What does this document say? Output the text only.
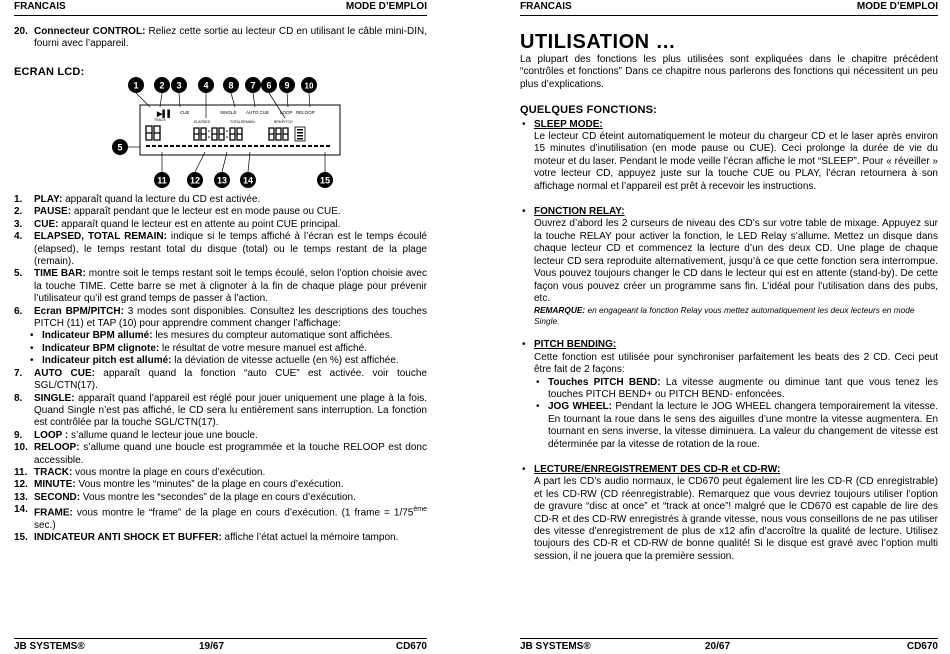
FRANCAIS	MODE D’EMPLOI
20. Connecteur CONTROL: Reliez cette sortie au lecteur CD en utilisant le câble mini-DIN, fourni avec l’appareil.
ECRAN LCD:
1 2 3 4 8 7 6 9 10
5
11	12 13 14	15
▶▌▌ CUE	SINGLE AUTO CUE LOOP RELOOP
TRACK	ELAPSED	TOTAL REMAIN	BPM PITCH
1. PLAY: apparaît quand la lecture du CD est activée.
2. PAUSE: apparaît pendant que le lecteur est en mode pause ou CUE.
3. CUE: apparaît quand le lecteur est en attente au point CUE principal.
4. ELAPSED, TOTAL REMAIN: indique si le temps affiché à l’écran est le temps écoulé (elapsed), le temps restant total du disque (total) ou le temps restant de la plage (remain).
5. TIME BAR: montre soit le temps restant soit le temps écoulé, selon l’option choisie avec la touche TIME. Cette barre se met à clignoter à la fin de chaque plage pour prévenir l’utilisateur qu’il est grand temps de passer à l’action.
6. Ecran BPM/PITCH: 3 modes sont disponibles. Consultez les descriptions des touches PITCH (11) et TAP (10) pour apprendre comment changer l’affichage:
• Indicateur BPM allumé: les mesures du compteur automatique sont affichées.
• Indicateur BPM clignote: le résultat de votre mesure manuel est affiché.
• Indicateur pitch est allumé: la déviation de vitesse actuelle (en %) est affichée.
7. AUTO CUE: apparaît quand la fonction “auto CUE” est activée. voir touche SGL/CTN(17).
8. SINGLE: apparaît quand l’appareil est réglé pour jouer uniquement une plage à la fois. Quand Single n’est pas affiché, le CD sera lu entièrement sans interruption. La fonction est contrôlée par la touche SGL/CTN(17).
9. LOOP : s’allume quand le lecteur joue une boucle.
10. RELOOP: s’allume quand une boucle est programmée et la touche RELOOP est donc accessible.
11. TRACK: vous montre la plage en cours d’exécution.
12. MINUTE: Vous montre les “minutes” de la plage en cours d’exécution.
13. SECOND: Vous montre les “secondes” de la plage en cours d’exécution.
14. FRAME: vous montre le “frame” de la plage en cours d’exécution. (1 frame = 1/75ème sec.)
15. INDICATEUR ANTI SHOCK ET BUFFER: affiche l’état actuel la mémoire tampon.
JB SYSTEMS®	19/67	CD670
FRANCAIS	MODE D’EMPLOI
UTILISATION …
La plupart des fonctions les plus utilisées sont expliquées dans le chapitre précédent “contrôles et fonctions” Dans ce chapitre nous parlerons des fonctions qui nécessitent un peu plus d’explications.
QUELQUES FONCTIONS:
• SLEEP MODE:
Le lecteur CD éteint automatiquement le moteur du chargeur CD et le laser après environ 15 minutes d’inutilisation (en mode pause ou CUE). Ceci prolonge la durée de vie du moteur et du laser. Pendant le mode veille l’écran affiche le mot “SLEEP”. Pour « réveiller » votre lecteur CD, appuyez juste sur la touche CUE ou PLAY, l’écran retournera à son affichage normal et l’appareil est prêt à recevoir les instructions.
• FONCTION RELAY:
Ouvrez d’abord les 2 curseurs de niveau des CD’s sur votre table de mixage. Appuyez sur la touche RELAY pour activer la fonction, le LED Relay s’allume. Mettez un disque dans chaque lecteur CD et commencez la lecture d’un des deux CD. Une plage de chaque lecteur CD sera reproduite alternativement, jusqu’à ce que cette fonction sera interrompue. Vous pouvez toujours changer le CD dans le lecteur qui est en attente (stand-by). De cette façon vous pouvez créer un programme sans fin. L’idéal pour l’utilisation dans des pubs, etc.
REMARQUE: en engageant la fonction Relay vous mettez automatiquement les deux lecteurs en mode Single.
• PITCH BENDING:
Cette fonction est utilisée pour synchroniser parfaitement les beats des 2 CD. Ceci peut être fait de 2 façons:
• Touches PITCH BEND: La vitesse augmente ou diminue tant que vous tenez les touches PITCH BEND+ ou PITCH BEND- enfoncées.
• JOG WHEEL: Pendant la lecture le JOG WHEEL changera temporairement la vitesse. En tournant la roue dans le sens des aiguilles d’une montre la vitesse augmentera. En tournant en sens inverse, la vitesse diminuera. La valeur du changement de vitesse est déterminée par la vitesse de rotation de la roue.
• LECTURE/ENREGISTREMENT DES CD-R et CD-RW:
A part les CD’s audio normaux, le CD670 peut également lire les CD-R (CD enregistrable) et les CD-RW (CD réenregistrable). Remarquez que vous devriez toujours utiliser l’option de gravure “disc at once” et “track at once”! malgré que le CD670 est capable de lire des CD-R et des CD-RW enregistrés à grande vitesse, nous vous conseillons de ne pas utiliser des vitesse d’enregistrement de plus de x12 afin d’accroître la qualité de lecture. Utilisez toujours des CD-R et CD-RW de bonne qualité! Si le disque est gravé avec l’option multi session, il ne jouera que la première session.
JB SYSTEMS®	20/67	CD670
